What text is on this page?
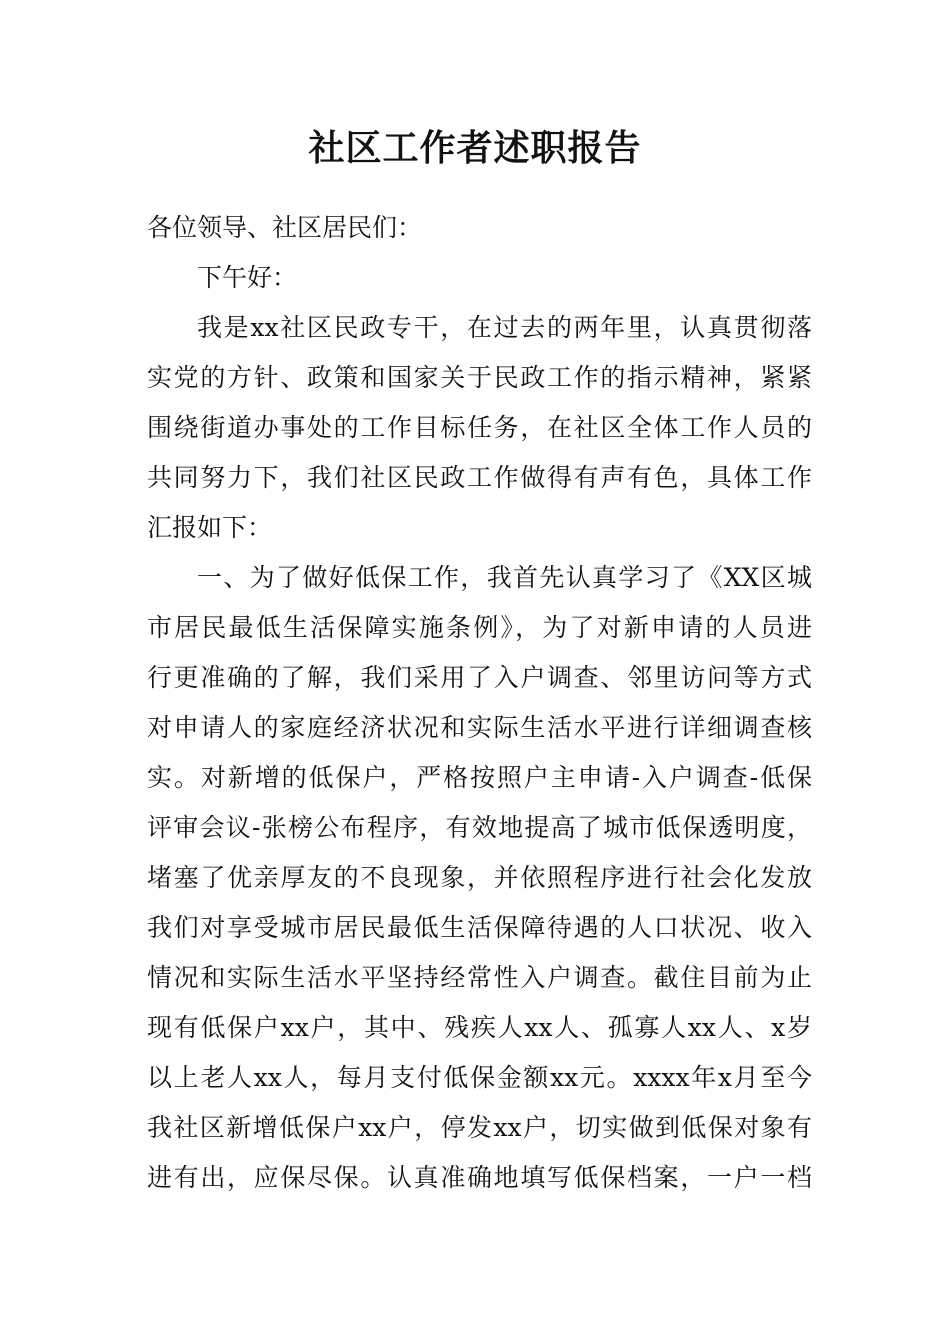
社区工作者述职报告

各位领导、社区居民们：

下午好：

我是xx社区民政专干，在过去的两年里，认真贯彻落

实党的方针、政策和国家关于民政工作的指示精神，紧紧

围绕街道办事处的工作目标任务，在社区全体工作人员的

共同努力下，我们社区民政工作做得有声有色，具体工作

汇报如下：

一、为了做好低保工作，我首先认真学习了《XX区城

市居民最低生活保障实施条例》，为了对新申请的人员进

行更准确的了解，我们采用了入户调查、邻里访问等方式

对申请人的家庭经济状况和实际生活水平进行详细调查核

实。对新增的低保户，严格按照户主申请-入户调查-低保

评审会议-张榜公布程序，有效地提高了城市低保透明度，

堵塞了优亲厚友的不良现象，并依照程序进行社会化发放

我们对享受城市居民最低生活保障待遇的人口状况、收入

情况和实际生活水平坚持经常性入户调查。截住目前为止

现有低保户xx户，其中、残疾人xx人、孤寡人xx人、x岁

以上老人xx人，每月支付低保金额xx元。xxxx年x月至今

我社区新增低保户xx户，停发xx户，切实做到低保对象有

进有出，应保尽保。认真准确地填写低保档案，一户一档
